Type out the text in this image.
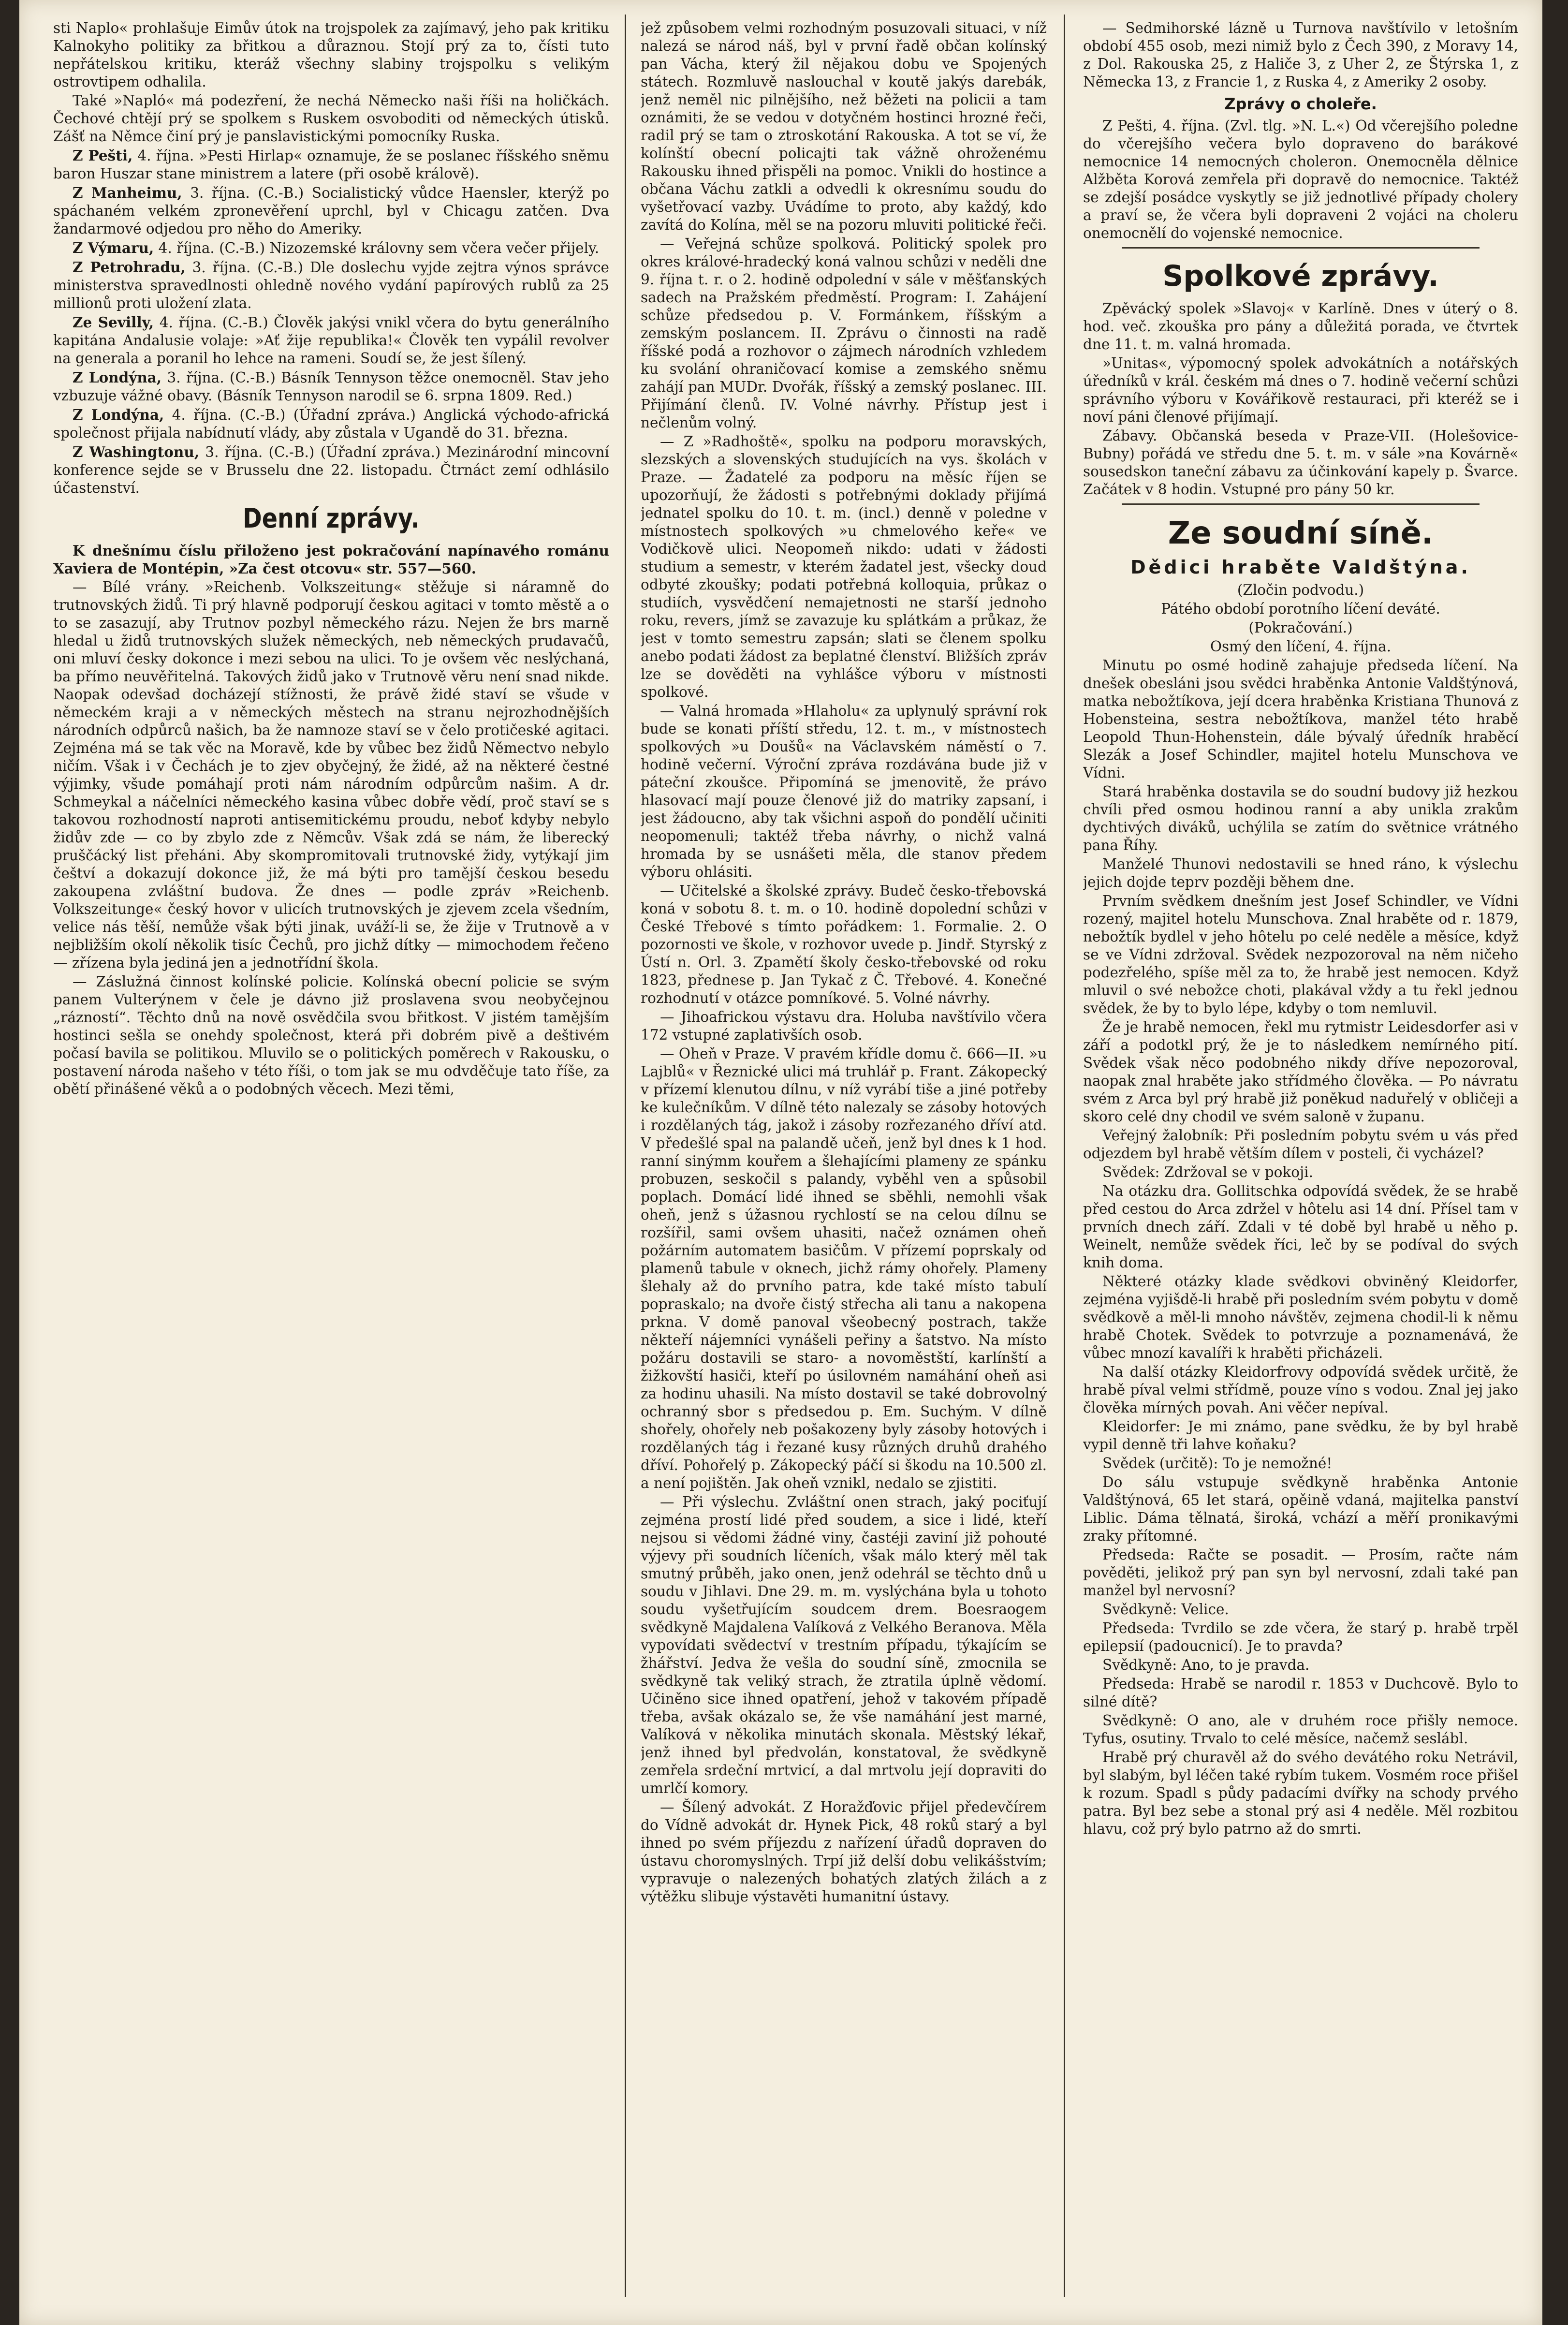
sti Naplo« prohlašuje Eimův útok na trojspolek za zajímavý, jeho pak kritiku Kalnokyho politiky za břitkou a důraznou. Stojí prý za to, čísti tuto nepřátelskou kritiku, kteráž všechny slabiny trojspolku s velikým ostrovtipem odhalila.

Také »Napló« má podezření, že nechá Německo naši říši na holičkách. Čechové chtějí prý se spolkem s Ruskem osvoboditi od německých útisků. Zášť na Němce činí prý je panslavistickými pomocníky Ruska.

Z Pešti, 4. října. »Pesti Hirlap« oznamuje, že se poslanec říšského sněmu baron Huszar stane ministrem a latere (při osobě králově).

Z Manheimu, 3. října. (C.-B.) Socialistický vůdce Haensler, kterýž po spáchaném velkém zpronevěření uprchl, byl v Chicagu zatčen. Dva žandarmové odjedou pro něho do Ameriky.

Z Výmaru, 4. října. (C.-B.) Nizozemské královny sem včera večer přijely.

Z Petrohradu, 3. října. (C.-B.) Dle doslechu vyjde zejtra výnos správce ministerstva spravedlnosti ohledně nového vydání papírových rublů za 25 millionů proti uložení zlata.

Ze Sevilly, 4. října. (C.-B.) Člověk jakýsi vnikl včera do bytu generálního kapitána Andalusie volaje: »Ať žije republika!« Člověk ten vypálil revolver na generala a poranil ho lehce na rameni. Soudí se, že jest šílený.

Z Londýna, 3. října. (C.-B.) Básník Tennyson těžce onemocněl. Stav jeho vzbuzuje vážné obavy. (Básník Tennyson narodil se 6. srpna 1809. Red.)

Z Londýna, 4. října. (C.-B.) (Úřadní zpráva.) Anglická východo-africká společnost přijala nabídnutí vlády, aby zůstala v Ugandě do 31. března.

Z Washingtonu, 3. října. (C.-B.) (Úřadní zpráva.) Mezinárodní mincovní konference sejde se v Brusselu dne 22. listopadu. Čtrnáct zemí odhlásilo účastenství.

Denní zprávy.

K dnešnímu číslu přiloženo jest pokračování napínavého románu Xaviera de Montépin, »Za čest otcovu« str. 557—560.

— Bílé vrány. »Reichenb. Volkszeitung« stěžuje si náramně do trutnovských židů. Ti prý hlavně podporují českou agitaci v tomto městě a o to se zasazují, aby Trutnov pozbyl německého rázu. Nejen že brs marně hledal u židů trutnovských služek německých, neb německých prudavačů, oni mluví česky dokonce i mezi sebou na ulici. To je ovšem věc neslýchaná, ba přímo neuvěřitelná. Takových židů jako v Trutnově věru není snad nikde. Naopak odevšad docházejí stížnosti, že právě židé staví se všude v německém kraji a v německých městech na stranu nejrozhodnějších národních odpůrců našich, ba že namnoze staví se v čelo protičeské agitaci. Zejména má se tak věc na Moravě, kde by vůbec bez židů Němectvo nebylo ničím. Však i v Čechách je to zjev obyčejný, že židé, až na některé čestné výjimky, všude pomáhají proti nám národním odpůrcům našim. A dr. Schmeykal a náčelníci německého kasina vůbec dobře vědí, proč staví se s takovou rozhodností naproti antisemitickému proudu, neboť kdyby nebylo židův zde — co by zbylo zde z Němcův. Však zdá se nám, že liberecký pruščácký list přeháni. Aby skompromitovali trutnovské židy, vytýkají jim češtví a dokazují dokonce již, že má býti pro tamější českou besedu zakoupena zvláštní budova. Že dnes — podle zpráv »Reichenb. Volkszeitunge« český hovor v ulicích trutnovských je zjevem zcela všedním, velice nás těší, nemůže však býti jinak, uváží-li se, že žije v Trutnově a v nejbližším okolí několik tisíc Čechů, pro jichž dítky — mimochodem řečeno — zřízena byla jediná jen a jednotřídní škola.

— Záslužná činnost kolínské policie. Kolínská obecní policie se svým panem Vulterýnem v čele je dávno již proslavena svou neobyčejnou „rázností“. Těchto dnů na nově osvědčila svou břitkost. V jistém tamějším hostinci sešla se onehdy společnost, která při dobrém pivě a deštivém počasí bavila se politikou. Mluvilo se o politických poměrech v Rakousku, o postavení národa našeho v této říši, o tom jak se mu odvděčuje tato říše, za obětí přinášené věků a o podobných věcech. Mezi těmi,

jež způsobem velmi rozhodným posuzovali situaci, v níž nalezá se národ náš, byl v první řadě občan kolínský pan Vácha, který žil nějakou dobu ve Spojených státech. Rozmluvě naslouchal v koutě jakýs darebák, jenž neměl nic pilnějšího, než běžeti na policii a tam oznámiti, že se vedou v dotyčném hostinci hrozné řeči, radil prý se tam o ztroskotání Rakouska. A tot se ví, že kolínští obecní policajti tak vážně ohroženému Rakousku ihned přispěli na pomoc. Vnikli do hostince a občana Váchu zatkli a odvedli k okresnímu soudu do vyšetřovací vazby. Uvádíme to proto, aby každý, kdo zavítá do Kolína, měl se na pozoru mluviti politické řeči.

— Veřejná schůze spolková. Politický spolek pro okres králové-hradecký koná valnou schůzi v neděli dne 9. října t. r. o 2. hodině odpolední v sále v měšťanských sadech na Pražském předměstí. Program: I. Zahájení schůze předsedou p. V. Formánkem, říšským a zemským poslancem. II. Zprávu o činnosti na radě říšské podá a rozhovor o zájmech národních vzhledem ku svolání ohraničovací komise a zemského sněmu zahájí pan MUDr. Dvořák, říšský a zemský poslanec. III. Přijímání členů. IV. Volné návrhy. Přístup jest i nečlenům volný.

— Z »Radhoště«, spolku na podporu moravských, slezských a slovenských studujících na vys. školách v Praze. — Žadatelé za podporu na měsíc říjen se upozorňují, že žádosti s potřebnými doklady přijímá jednatel spolku do 10. t. m. (incl.) denně v poledne v místnostech spolkových »u chmelového keře« ve Vodičkově ulici. Neopomeň nikdo: udati v žádosti studium a semestr, v kterém žadatel jest, všecky doud odbyté zkoušky; podati potřebná kolloquia, průkaz o studiích, vysvědčení nemajetnosti ne starší jednoho roku, revers, jímž se zavazuje ku splátkám a průkaz, že jest v tomto semestru zapsán; slati se členem spolku anebo podati žádost za beplatné členství. Bližších zpráv lze se dověděti na vyhlášce výboru v místnosti spolkové.

— Valná hromada »Hlaholu« za uplynulý správní rok bude se konati příští středu, 12. t. m., v místnostech spolkových »u Doušů« na Václavském náměstí o 7. hodině večerní. Výroční zpráva rozdávána bude již v páteční zkoušce. Připomíná se jmenovitě, že právo hlasovací mají pouze členové již do matriky zapsaní, i jest žádoucno, aby tak všichni aspoň do pondělí učiniti neopomenuli; taktéž třeba návrhy, o nichž valná hromada by se usnášeti měla, dle stanov předem výboru ohlásiti.

— Učitelské a školské zprávy. Budeč česko-třebovská koná v sobotu 8. t. m. o 10. hodině dopolední schůzi v České Třebové s tímto pořádkem: 1. Formalie. 2. O pozornosti ve škole, v rozhovor uvede p. Jindř. Styrský z Ústí n. Orl. 3. Zpamětí školy česko-třebovské od roku 1823, přednese p. Jan Tykač z Č. Třebové. 4. Konečné rozhodnutí v otázce pomníkové. 5. Volné návrhy.

— Jihoafrickou výstavu dra. Holuba navštívilo včera 172 vstupné zaplativších osob.

— Oheň v Praze. V pravém křídle domu č. 666—II. »u Lajblů« v Řeznické ulici má truhlář p. Frant. Zákopecký v přízemí klenutou dílnu, v níž vyrábí tiše a jiné potřeby ke kulečníkům. V dílně této nalezaly se zásoby hotových i rozdělaných tág, jakož i zásoby rozřezaného dříví atd. V předešlé spal na palandě učeň, jenž byl dnes k 1 hod. ranní sinýmm kouřem a šlehajícími plameny ze spánku probuzen, seskočil s palandy, vyběhl ven a spůsobil poplach. Domácí lidé ihned se sběhli, nemohli však oheň, jenž s úžasnou rychlostí se na celou dílnu se rozšířil, sami ovšem uhasiti, načež oznámen oheň požárním automatem basičům. V přízemí poprskaly od plamenů tabule v oknech, jichž rámy ohořely. Plameny šlehaly až do prvního patra, kde také místo tabulí popraskalo; na dvoře čistý střecha ali tanu a nakopena prkna. V domě panoval všeobecný postrach, takže někteří nájemníci vynášeli peřiny a šatstvo. Na místo požáru dostavili se staro- a novoměstští, karlínští a žižkovští hasiči, kteří po úsilovném namáhání oheň asi za hodinu uhasili. Na místo dostavil se také dobrovolný ochranný sbor s předsedou p. Em. Suchým. V dílně shořely, ohořely neb pošakozeny byly zásoby hotových i rozdělaných tág i řezané kusy různých druhů drahého dříví. Pohořelý p. Zákopecký páčí si škodu na 10.500 zl. a není pojištěn. Jak oheň vznikl, nedalo se zjistiti.

— Při výslechu. Zvláštní onen strach, jaký pociťují zejména prostí lidé před soudem, a sice i lidé, kteří nejsou si vědomi žádné viny, častéji zaviní již pohouté výjevy při soudních líčeních, však málo který měl tak smutný průběh, jako onen, jenž odehrál se těchto dnů u soudu v Jihlavi. Dne 29. m. m. vyslýchána byla u tohoto soudu vyšetřujícím soudcem drem. Boesraogem svědkyně Majdalena Valíková z Velkého Beranova. Měla vypovídati svědectví v trestním případu, týkajícím se žhářství. Jedva že vešla do soudní síně, zmocnila se svědkyně tak veliký strach, že ztratila úplně vědomí. Učiněno sice ihned opatření, jehož v takovém případě třeba, avšak okázalo se, že vše namáhání jest marné, Valíková v několika minutách skonala. Městský lékař, jenž ihned byl předvolán, konstatoval, že svědkyně zemřela srdeční mrtvicí, a dal mrtvolu její dopraviti do umrlčí komory.

— Šílený advokát. Z Horažďovic přijel předevčírem do Vídně advokát dr. Hynek Pick, 48 roků starý a byl ihned po svém příjezdu z nařízení úřadů dopraven do ústavu choromyslných. Trpí již delší dobu velikášstvím; vypravuje o nalezených bohatých zlatých žilách a z výtěžku slibuje výstavěti humanitní ústavy.

— Sedmihorské lázně u Turnova navštívilo v letošním období 455 osob, mezi nimiž bylo z Čech 390, z Moravy 14, z Dol. Rakouska 25, z Haliče 3, z Uher 2, ze Štýrska 1, z Německa 13, z Francie 1, z Ruska 4, z Ameriky 2 osoby.

Zprávy o choleře.

Z Pešti, 4. října. (Zvl. tlg. »N. L.«) Od včerejšího poledne do včerejšího večera bylo dopraveno do barákové nemocnice 14 nemocných choleron. Onemocněla dělnice Alžběta Korová zemřela při dopravě do nemocnice. Taktéž se zdejší posádce vyskytly se již jednotlivé případy cholery a praví se, že včera byli dopraveni 2 vojáci na choleru onemocnělí do vojenské nemocnice.

Spolkové zprávy.

Zpěvácký spolek »Slavoj« v Karlíně. Dnes v úterý o 8. hod. več. zkouška pro pány a důležitá porada, ve čtvrtek dne 11. t. m. valná hromada.

»Unitas«, výpomocný spolek advokátních a notářských úředníků v král. českém má dnes o 7. hodině večerní schůzi správního výboru v Kovářikově restauraci, při kteréž se i noví páni členové přijímají.

Zábavy. Občanská beseda v Praze-VII. (Holešovice-Bubny) pořádá ve středu dne 5. t. m. v sále »na Kovárně« sousedskon taneční zábavu za účinkování kapely p. Švarce. Začátek v 8 hodin. Vstupné pro pány 50 kr.

Ze soudní síně.
Dědici hraběte Valdštýna.

(Zločin podvodu.)

Pátého období porotního líčení deváté.

(Pokračování.)

Osmý den líčení, 4. října.

Minutu po osmé hodině zahajuje předseda líčení. Na dnešek obesláni jsou svědci hraběnka Antonie Valdštýnová, matka nebožtíkova, její dcera hraběnka Kristiana Thunová z Hobensteina, sestra nebožtíkova, manžel této hrabě Leopold Thun-Hohenstein, dále bývalý úředník hraběcí Slezák a Josef Schindler, majitel hotelu Munschova ve Vídni.

Stará hraběnka dostavila se do soudní budovy již hezkou chvíli před osmou hodinou ranní a aby unikla zrakům dychtivých diváků, uchýlila se zatím do světnice vrátného pana Říhy.

Manželé Thunovi nedostavili se hned ráno, k výslechu jejich dojde teprv později během dne.

Prvním svědkem dnešním jest Josef Schindler, ve Vídni rozený, majitel hotelu Munschova. Znal hraběte od r. 1879, nebožtík bydlel v jeho hôtelu po celé neděle a měsíce, když se ve Vídni zdržoval. Svědek nezpozoroval na něm ničeho podezřelého, spíše měl za to, že hrabě jest nemocen. Když mluvil o své nebožce choti, plakával vždy a tu řekl jednou svědek, že by to bylo lépe, kdyby o tom nemluvil.

Že je hrabě nemocen, řekl mu rytmistr Leidesdorfer asi v září a podotkl prý, že je to následkem nemírného pití. Svědek však něco podobného nikdy dříve nepozoroval, naopak znal hraběte jako střídmého člověka. — Po návratu svém z Arca byl prý hrabě již poněkud naduřelý v obličeji a skoro celé dny chodil ve svém saloně v županu.

Veřejný žalobník: Při posledním pobytu svém u vás před odjezdem byl hrabě větším dílem v posteli, či vycházel?

Svědek: Zdržoval se v pokoji.

Na otázku dra. Gollitschka odpovídá svědek, že se hrabě před cestou do Arca zdržel v hôtelu asi 14 dní. Přísel tam v prvních dnech září. Zdali v té době byl hrabě u něho p. Weinelt, nemůže svědek říci, leč by se podíval do svých knih doma.

Některé otázky klade svědkovi obviněný Kleidorfer, zejména vyjišdě-li hrabě při posledním svém pobytu v domě svědkově a měl-li mnoho návštěv, zejmena chodil-li k němu hrabě Chotek. Svědek to potvrzuje a poznamenává, že vůbec mnozí kavalíři k hraběti přicházeli.

Na další otázky Kleidorfrovy odpovídá svědek určitě, že hrabě píval velmi střídmě, pouze víno s vodou. Znal jej jako člověka mírných povah. Ani věčer nepíval.

Kleidorfer: Je mi známo, pane svědku, že by byl hrabě vypil denně tři lahve koňaku?

Svědek (určitě): To je nemožné!

Do sálu vstupuje svědkyně hraběnka Antonie Valdštýnová, 65 let stará, opěině vdaná, majitelka panství Liblic. Dáma tělnatá, široká, vchází a měří pronikavými zraky přítomné.

Předseda: Račte se posadit. — Prosím, račte nám pověděti, jelikož prý pan syn byl nervosní, zdali také pan manžel byl nervosní?

Svědkyně: Velice.

Předseda: Tvrdilo se zde včera, že starý p. hrabě trpěl epilepsií (padoucnicí). Je to pravda?

Svědkyně: Ano, to je pravda.

Předseda: Hrabě se narodil r. 1853 v Duchcově. Bylo to silné dítě?

Svědkyně: O ano, ale v druhém roce přišly nemoce. Tyfus, osutiny. Trvalo to celé měsíce, načemž seslábl.

Hrabě prý churavěl až do svého devátého roku Netrávil, byl slabým, byl léčen také rybím tukem. Vosmém roce přišel k rozum. Spadl s půdy padacími dvířky na schody prvého patra. Byl bez sebe a stonal prý asi 4 neděle. Měl rozbitou hlavu, což prý bylo patrno až do smrti.
